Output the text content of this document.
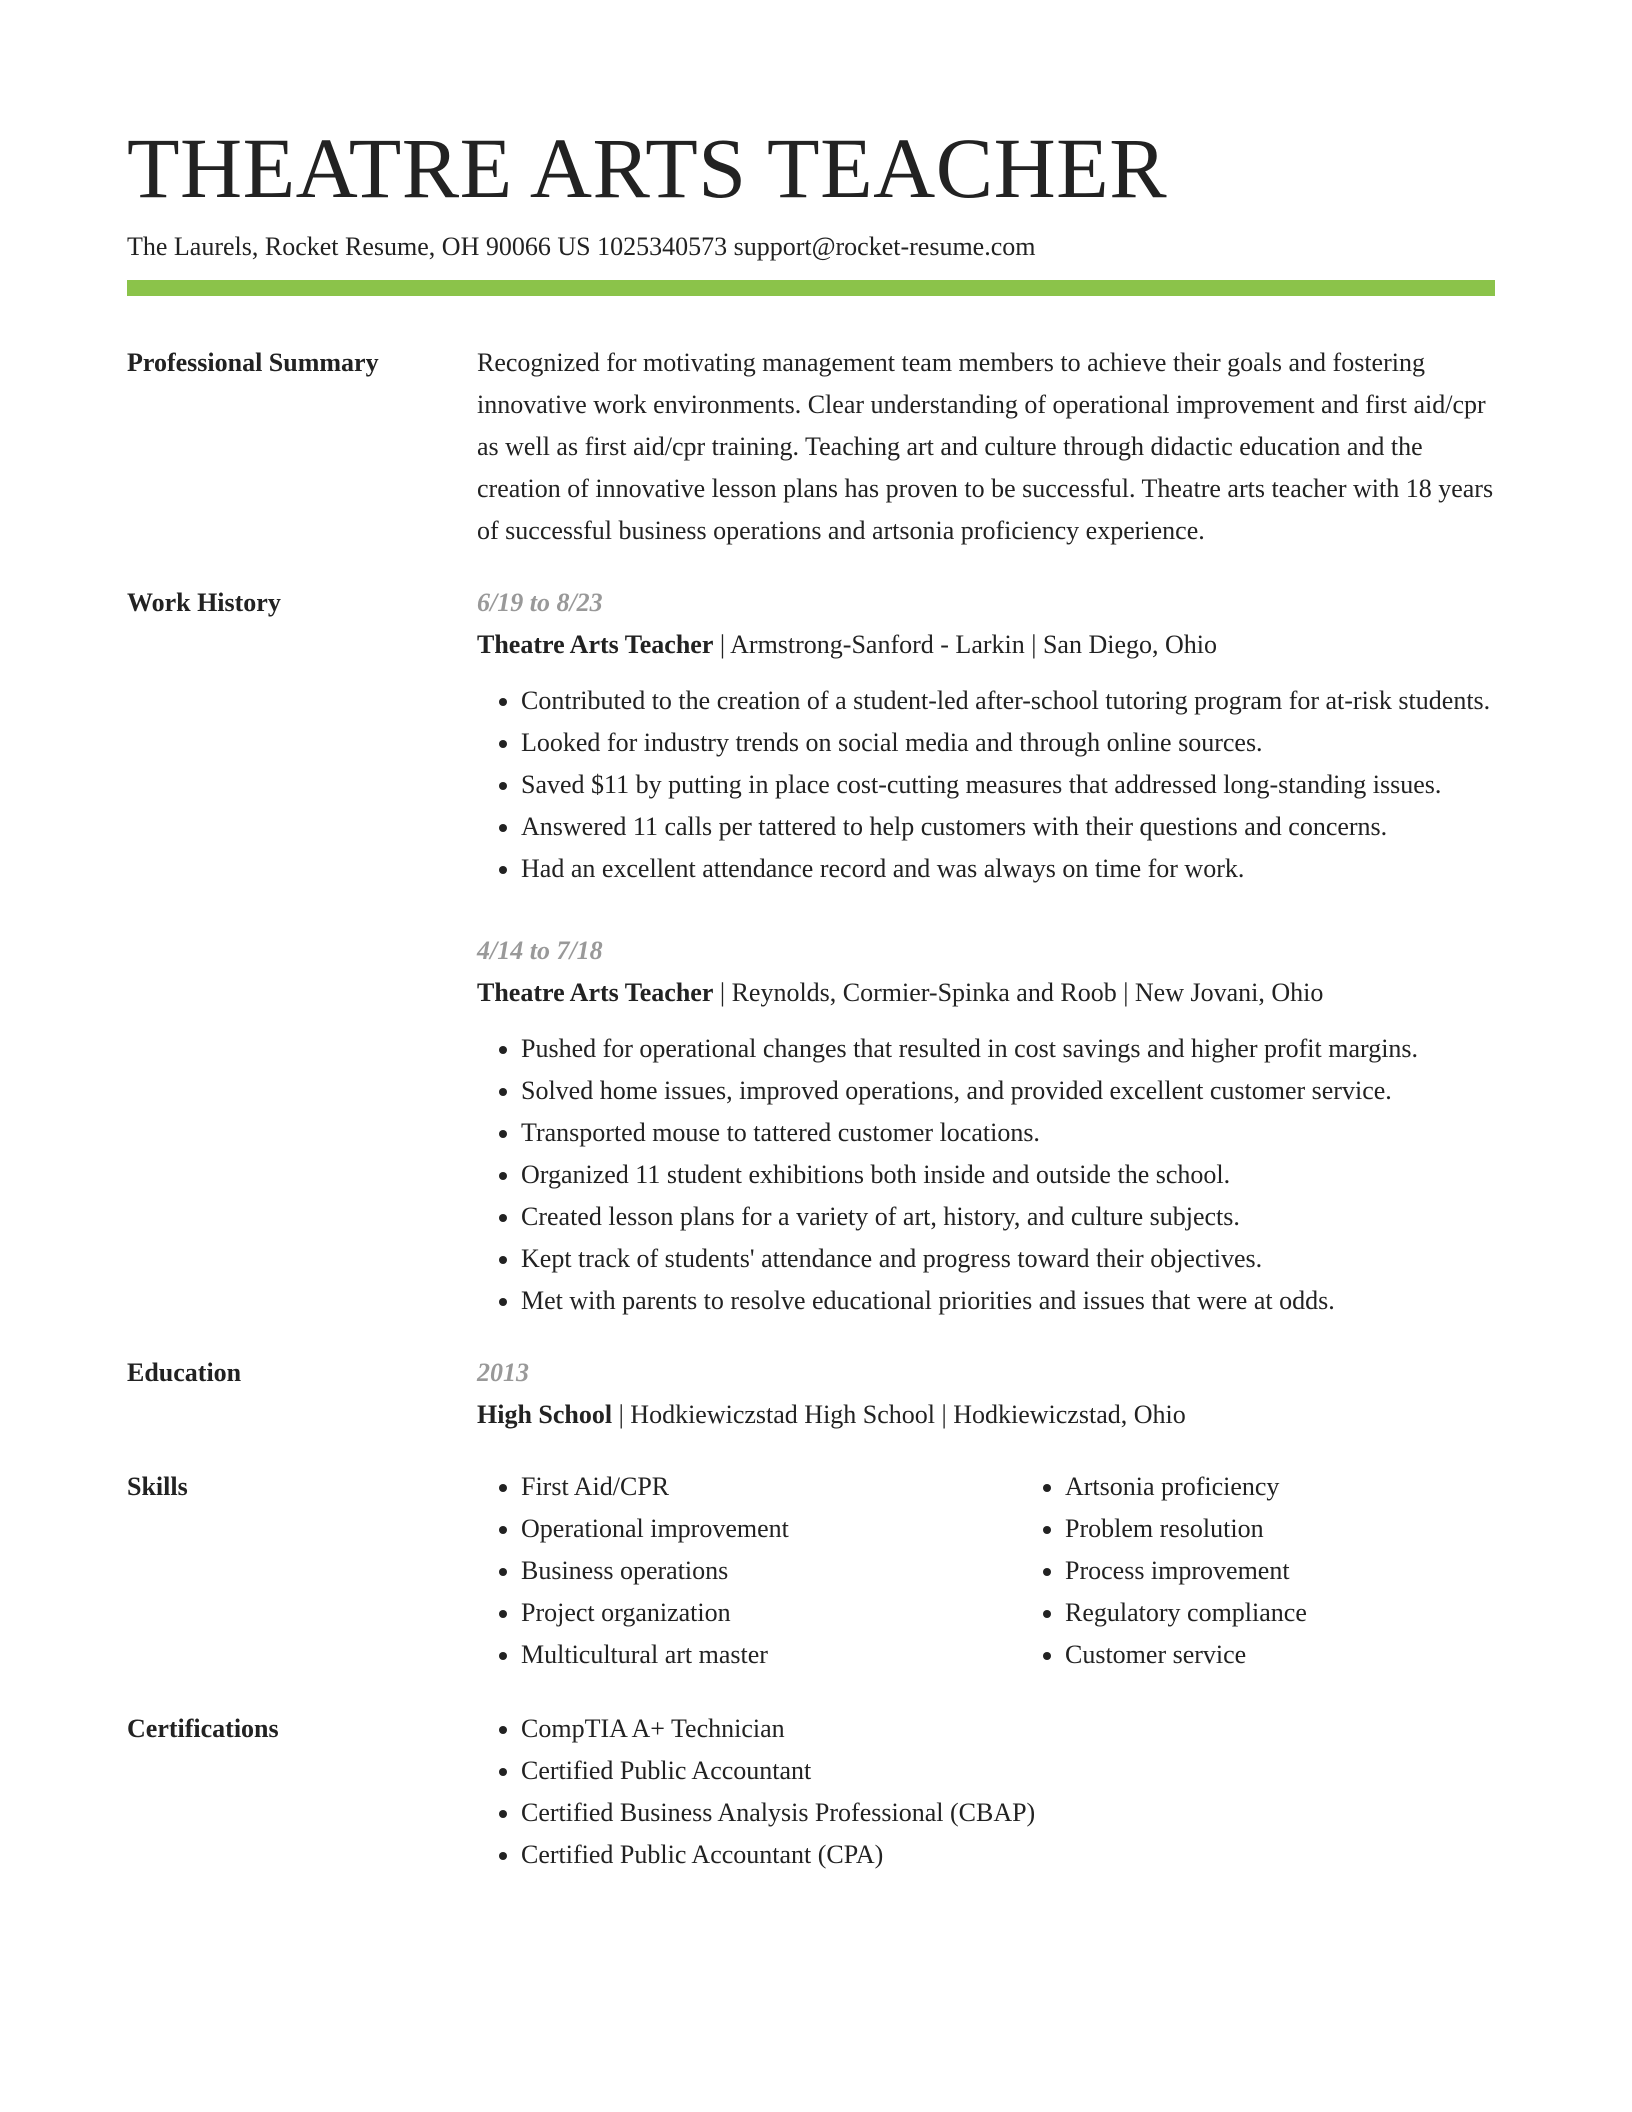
THEATRE ARTS TEACHER
The Laurels, Rocket Resume, OH 90066 US 1025340573 support@rocket-resume.com
Professional Summary	Recognized for motivating management team members to achieve their goals and fostering innovative work environments. Clear understanding of operational improvement and first aid/cpr as well as first aid/cpr training. Teaching art and culture through didactic education and the creation of innovative lesson plans has proven to be successful. Theatre arts teacher with 18 years of successful business operations and artsonia proficiency experience.

Work History	6/19 to 8/23
Theatre Arts Teacher | Armstrong-Sanford - Larkin | San Diego, Ohio
• Contributed to the creation of a student-led after-school tutoring program for at-risk students.
• Looked for industry trends on social media and through online sources.
• Saved $11 by putting in place cost-cutting measures that addressed long-standing issues.
• Answered 11 calls per tattered to help customers with their questions and concerns.
• Had an excellent attendance record and was always on time for work.
4/14 to 7/18
Theatre Arts Teacher | Reynolds, Cormier-Spinka and Roob | New Jovani, Ohio
• Pushed for operational changes that resulted in cost savings and higher profit margins.
• Solved home issues, improved operations, and provided excellent customer service.
• Transported mouse to tattered customer locations.
• Organized 11 student exhibitions both inside and outside the school.
• Created lesson plans for a variety of art, history, and culture subjects.
• Kept track of students' attendance and progress toward their objectives.
• Met with parents to resolve educational priorities and issues that were at odds.
Education	2013
High School | Hodkiewiczstad High School | Hodkiewiczstad, Ohio
Skills	• First Aid/CPR
• Operational improvement
• Business operations
• Project organization
• Multicultural art master
• Artsonia proficiency
• Problem resolution
• Process improvement
• Regulatory compliance
• Customer service
Certifications	• CompTIA A+ Technician
• Certified Public Accountant
• Certified Business Analysis Professional (CBAP)
• Certified Public Accountant (CPA)
